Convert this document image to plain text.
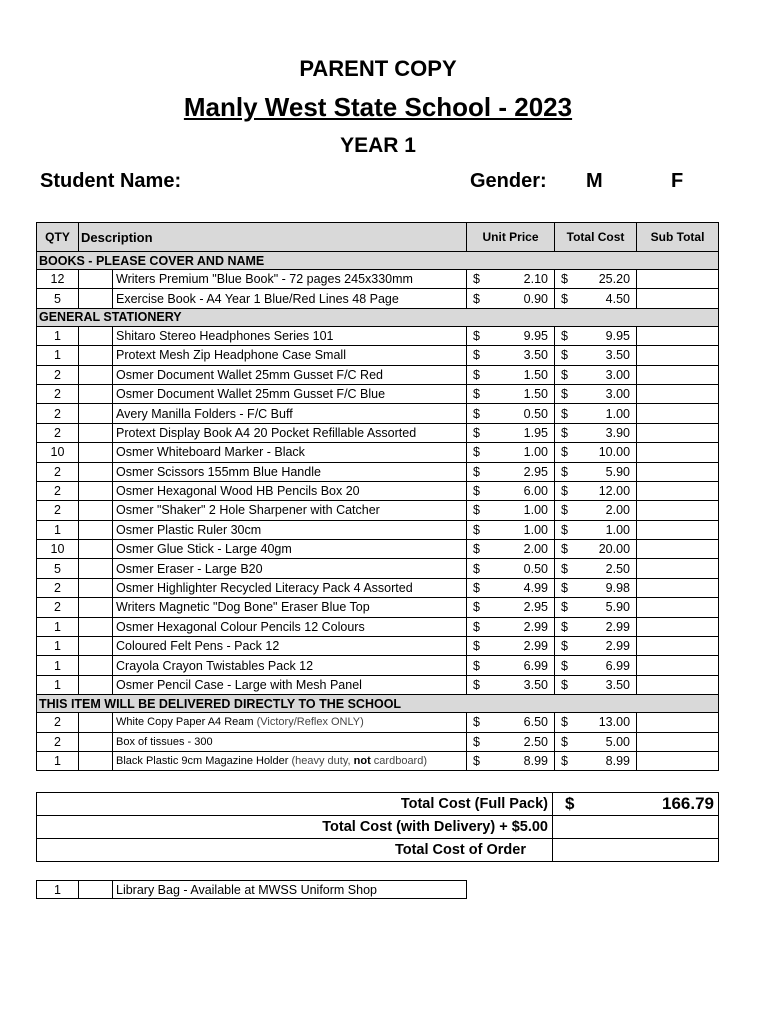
PARENT COPY
Manly West State School - 2023
YEAR 1
Student Name:	Gender: M	F
QTY	Description		Unit Price	Total Cost	Sub Total
BOOKS - PLEASE COVER AND NAME					
12		Writers Premium "Blue Book" - 72 pages 245x330mm	$ 2.10	$ 25.20	

5		Exercise Book - A4 Year 1 Blue/Red Lines 48 Page	$ 0.90	$ 4.50	

GENERAL STATIONERY					
1		Shitaro Stereo Headphones Series 101	$ 9.95	$ 9.95	

1		Protext Mesh Zip Headphone Case Small	$ 3.50	$ 3.50	

2		Osmer Document Wallet 25mm Gusset F/C Red	$ 1.50	$ 3.00	

2		Osmer Document Wallet 25mm Gusset F/C Blue	$ 1.50	$ 3.00	

2		Avery Manilla Folders - F/C Buff	$ 0.50	$ 1.00	

2		Protext Display Book A4 20 Pocket Refillable Assorted	$ 1.95	$ 3.90	

10		Osmer Whiteboard Marker - Black	$ 1.00	$ 10.00	

2		Osmer Scissors 155mm Blue Handle	$ 2.95	$ 5.90	

2		Osmer Hexagonal Wood HB Pencils Box 20	$ 6.00	$ 12.00	

2		Osmer "Shaker" 2 Hole Sharpener with Catcher	$ 1.00	$ 2.00	

1		Osmer Plastic Ruler 30cm	$ 1.00	$ 1.00	

10		Osmer Glue Stick - Large 40gm	$ 2.00	$ 20.00	

5		Osmer Eraser - Large B20	$ 0.50	$ 2.50	

2		Osmer Highlighter Recycled Literacy Pack 4 Assorted	$ 4.99	$ 9.98	

2		Writers Magnetic "Dog Bone" Eraser Blue Top	$ 2.95	$ 5.90	

1		Osmer Hexagonal Colour Pencils 12 Colours	$ 2.99	$ 2.99	

1		Coloured Felt Pens - Pack 12	$ 2.99	$ 2.99	

1		Crayola Crayon Twistables Pack 12	$ 6.99	$ 6.99	

1		Osmer Pencil Case - Large with Mesh Panel	$ 3.50	$ 3.50	

THIS ITEM WILL BE DELIVERED DIRECTLY TO THE SCHOOL					
2		White Copy Paper A4 Ream (Victory/Reflex ONLY)	$ 6.50	$ 13.00	

2		Box of tissues - 300	$ 2.50	$ 5.00	

1		Black Plastic 9cm Magazine Holder (heavy duty, not cardboard)	$ 8.99	$ 8.99	

Total Cost (Full Pack)	$ 166.79

Total Cost (with Delivery) + $5.00	
Total Cost of Order	
1		Library Bag - Available at MWSS Uniform Shop
